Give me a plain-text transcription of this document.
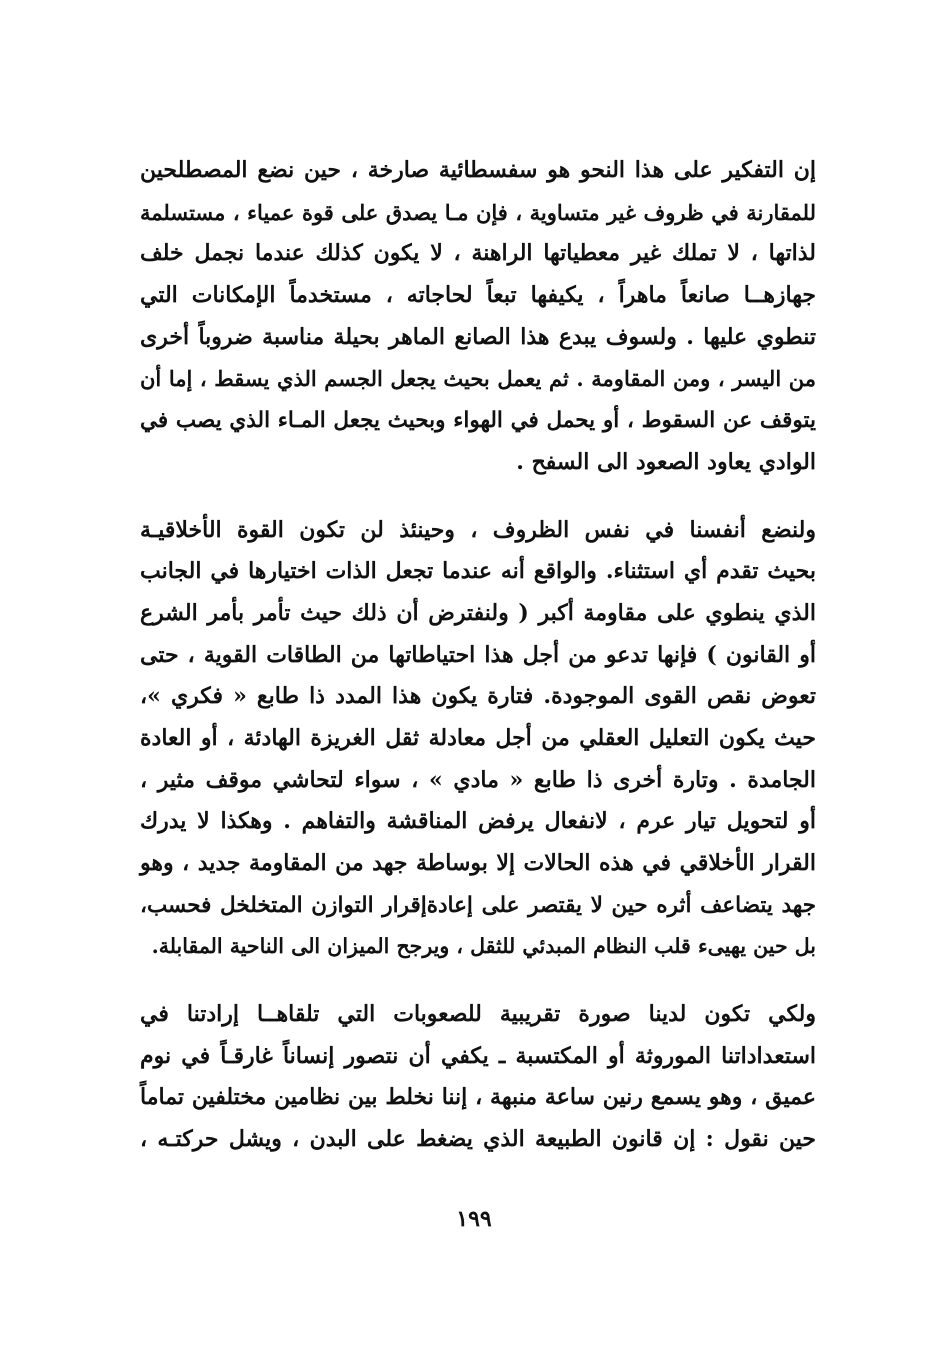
إن التفكير على هذا النحو هو سفسطائية صارخة ، حين نضع المصطلحين
للمقارنة في ظروف غير متساوية ، فإن مـا يصدق على قوة عمياء ، مستسلمة
لذاتها ، لا تملك غير معطياتها الراهنة ، لا يكون كذلك عندما نجمل خلف
جهازهــا صانعاً ماهراً ، يكيفها تبعاً لحاجاته ، مستخدماً الإمكانات التي
تنطوي عليها . ولسوف يبدع هذا الصانع الماهر بحيلة مناسبة ضروباً أخرى
من اليسر ، ومن المقاومة . ثم يعمل بحيث يجعل الجسم الذي يسقط ، إما أن
يتوقف عن السقوط ، أو يحمل في الهواء وبحيث يجعل المـاء الذي يصب في
الوادي يعاود الصعود الى السفح .

ولنضع أنفسنا في نفس الظروف ، وحينئذ لن تكون القوة الأخلاقيـة
بحيث تقدم أي استثناء. والواقع أنه عندما تجعل الذات اختيارها في الجانب
الذي ينطوي على مقاومة أكبر ( ولنفترض أن ذلك حيث تأمر بأمر الشرع
أو القانون ) فإنها تدعو من أجل هذا احتياطاتها من الطاقات القوية ، حتى
تعوض نقص القوى الموجودة. فتارة يكون هذا المدد ذا طابع « فكري »،
حيث يكون التعليل العقلي من أجل معادلة ثقل الغريزة الهادئة ، أو العادة
الجامدة . وتارة أخرى ذا طابع « مادي » ، سواء لتحاشي موقف مثير ،
أو لتحويل تيار عرم ، لانفعال يرفض المناقشة والتفاهم . وهكذا لا يدرك
القرار الأخلاقي في هذه الحالات إلا بوساطة جهد من المقاومة جديد ، وهو
جهد يتضاعف أثره حين لا يقتصر على إعادةإقرار التوازن المتخلخل فحسب،
بل حين يهيىء قلب النظام المبدئي للثقل ، ويرجح الميزان الى الناحية المقابلة.

ولكي تكون لدينا صورة تقريبية للصعوبات التي تلقاهــا إرادتنا في
استعداداتنا الموروثة أو المكتسبة ـ يكفي أن نتصور إنساناً غارقـاً في نوم
عميق ، وهو يسمع رنين ساعة منبهة ، إننا نخلط بين نظامين مختلفين تماماً
حين نقول : إن قانون الطبيعة الذي يضغط على البدن ، ويشل حركتـه ،

١٩٩
